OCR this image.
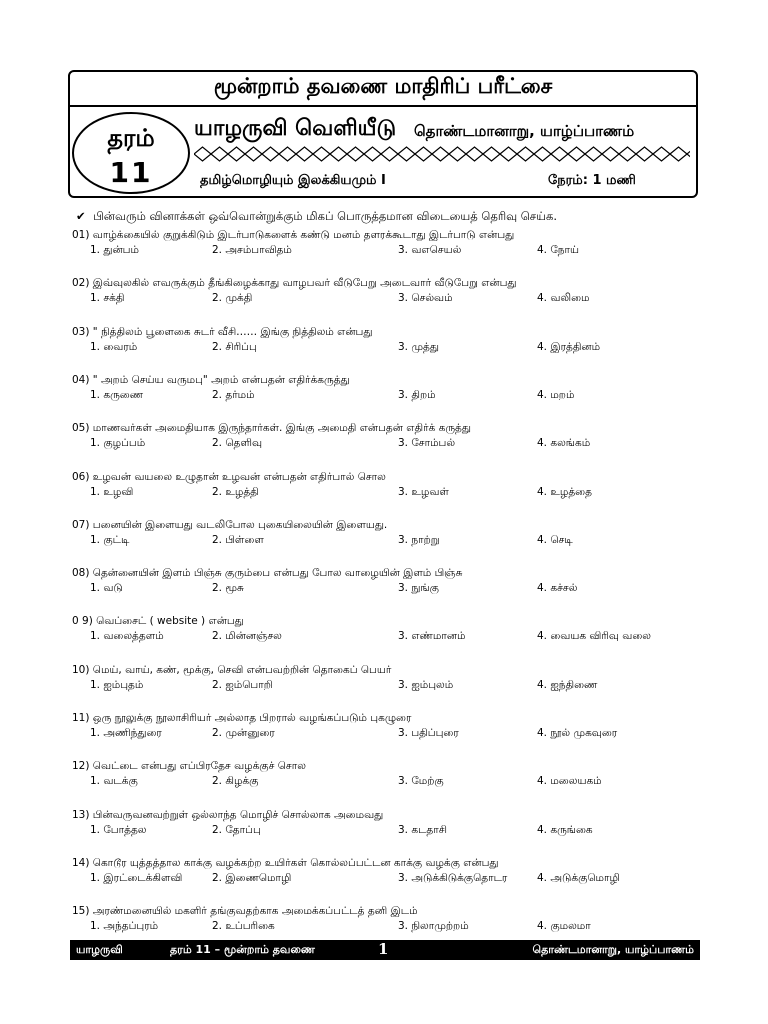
மூன்றாம் தவணை மாதிரிப் பரீட்சை
தரம்
11
யாழருவி வெளியீடு தொண்டமானாறு, யாழ்ப்பாணம்
தமிழ்மொழியும் இலக்கியமும் I	நேரம்: 1 மணி
✔ பின்வரும் வினாக்கள் ஒவ்வொன்றுக்கும் மிகப் பொருத்தமான விடையைத் தெரிவு செய்க.
01) வாழ்க்கையில் குறுக்கிடும் இடர்பாடுகளைக் கண்டு மனம் தளரக்கூடாது இடர்பாடு என்பது
1. துன்பம்	2. அசம்பாவிதம்	3. வஎசெயல்	4. நோய்
02) இவ்வுலகில் எவருக்கும் தீங்கிழைக்காது வாழபவர் வீடுபேறு அடைவார் வீடுபேறு என்பது
1. சக்தி	2. முக்தி	3. செல்வம்	4. வலிமை
03) " நித்திலம் பூளைகை சுடர் வீசி…… இங்கு நித்திலம் என்பது
1. வைரம்	2. சிரிப்பு	3. முத்து	4. இரத்தினம்
04) " அறம் செய்ய வருமபு" அறம் என்பதன் எதிர்க்கருத்து
1. கருணை	2. தர்மம்	3. திறம்	4. மறம்
05) மாணவர்கள் அமைதியாக இருந்தார்கள். இங்கு அமைதி என்பதன் எதிர்க் கருத்து
1. குழப்பம்	2. தெளிவு	3. சோம்பல்	4. கலங்கம்
06) உழவன் வயலை உழுதான் உழவன் என்பதன் எதிர்பால் சொல
1. உழவி	2. உழத்தி	3. உழவள்	4. உழத்தை
07) பனையின் இளையது வடலிபோல புகையிலையின் இளையது.
1. குட்டி	2. பிள்ளை	3. நாற்று	4. செடி
08) தென்னையின் இளம் பிஞ்சு குரும்பை என்பது போல வாழையின் இளம் பிஞ்சு
1. வடு	2. மூசு	3. நுங்கு	4. கச்சல்
0 9) வெப்சைட் ( website ) என்பது
1. வலைத்தளம்	2. மின்னஞ்சல	3. எண்மானம்	4. வையக விரிவு வலை
10) மெய், வாய், கண், மூக்கு, செவி என்பவற்றின் தொகைப் பெயர்
1. ஐம்புதம்	2. ஐம்பொறி	3. ஐம்புலம்	4. ஐந்திணை
11) ஒரு நூலுக்கு நூலாசிரியர் அல்லாத பிறரால் வழங்கப்படும் புகழுரை
1. அணிந்துரை	2. முன்னுரை	3. பதிப்புரை	4. நூல் முகவுரை
12) வெட்டை என்பது எப்பிரதேச வழக்குச் சொல
1. வடக்கு	2. கிழக்கு	3. மேற்கு	4. மலையகம்
13) பின்வருவனவற்றுள் ஒல்லாந்த மொழிச் சொல்லாக அமைவது
1. போத்தல	2. தோப்பு	3. கடதாசி	4. கருங்கை
14) கொடூர யுத்தத்தால காக்கு வழக்கற்ற உயிர்கள் கொல்லப்பட்டன காக்கு வழக்கு என்பது
1. இரட்டைக்கிளவி	2. இணைமொழி	3. அடுக்கிடுக்குதொடர	4. அடுக்குமொழி
15) அரண்மனையில் மகளிர் தங்குவதற்காக அமைக்கப்பட்டத் தனி இடம்
1. அந்தப்புரம்	2. உப்பரிகை	3. நிலாமுற்றம்	4. குமலமா
யாழருவி	தரம் 11 – மூன்றாம் தவணை	1	தொண்டமானாறு, யாழ்ப்பாணம்
